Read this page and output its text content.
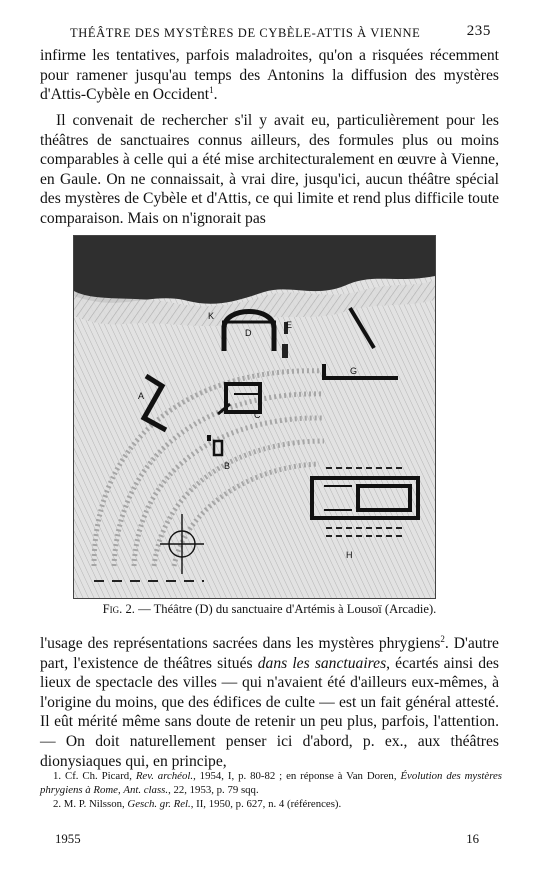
THÉÂTRE DES MYSTÈRES DE CYBÈLE-ATTIS À VIENNE	235
infirme les tentatives, parfois maladroites, qu'on a risquées récemment pour ramener jusqu'au temps des Antonins la diffusion des mystères d'Attis-Cybèle en Occident$^1$.
Il convenait de rechercher s'il y avait eu, particulièrement pour les théâtres de sanctuaires connus ailleurs, des formules plus ou moins comparables à celle qui a été mise architecturalement en œuvre à Vienne, en Gaule. On ne connaissait, à vrai dire, jusqu'ici, aucun théâtre spécial des mystères de Cybèle et d'Attis, ce qui limite et rend plus difficile toute comparaison. Mais on n'ignorait pas
K
D
E
G
A
C
B
H
Fig. 2. — Théâtre (D) du sanctuaire d'Artémis à Lousoï (Arcadie).
l'usage des représentations sacrées dans les mystères phrygiens$^2$. D'autre part, l'existence de théâtres situés dans les sanctuaires, écartés ainsi des lieux de spectacle des villes — qui n'avaient été d'ailleurs eux-mêmes, à l'origine du moins, que des édifices de culte — est un fait général attesté. Il eût mérité même sans doute de retenir un peu plus, parfois, l'attention. — On doit naturellement penser ici d'abord, p. ex., aux théâtres dionysiaques qui, en principe,
1. Cf. Ch. Picard, Rev. archéol., 1954, I, p. 80-82 ; en réponse à Van Doren, Évolution des mystères phrygiens à Rome, Ant. class., 22, 1953, p. 79 sqq.
2. M. P. Nilsson, Gesch. gr. Rel., II, 1950, p. 627, n. 4 (références).
1955	16
